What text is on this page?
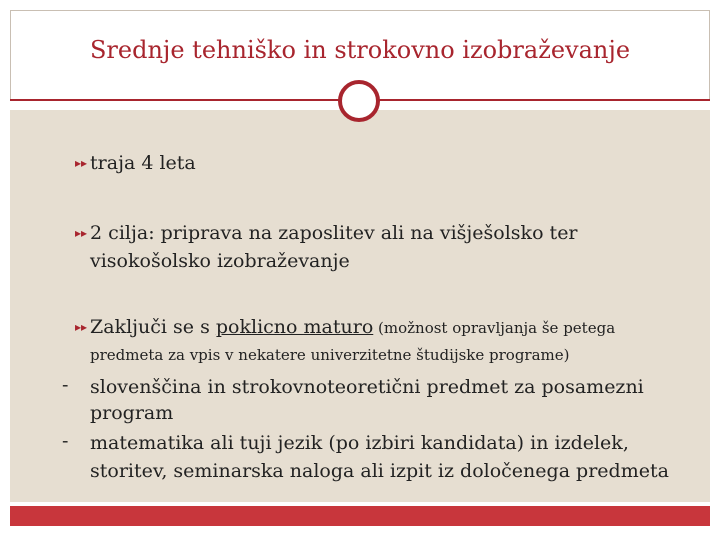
Srednje tehniško in strokovno izobraževanje
▸▸ traja 4 leta
▸▸ 2 cilja: priprava na zaposlitev ali na višješolsko ter
visokošolsko izobraževanje
▸▸ Zaključi se s poklicno maturo (možnost opravljanja še petega
predmeta za vpis v nekatere univerzitetne študijske programe)
- slovenščina in strokovnoteoretični predmet za posamezni
program
- matematika ali tuji jezik (po izbiri kandidata) in izdelek,
storitev, seminarska naloga ali izpit iz določenega predmeta
